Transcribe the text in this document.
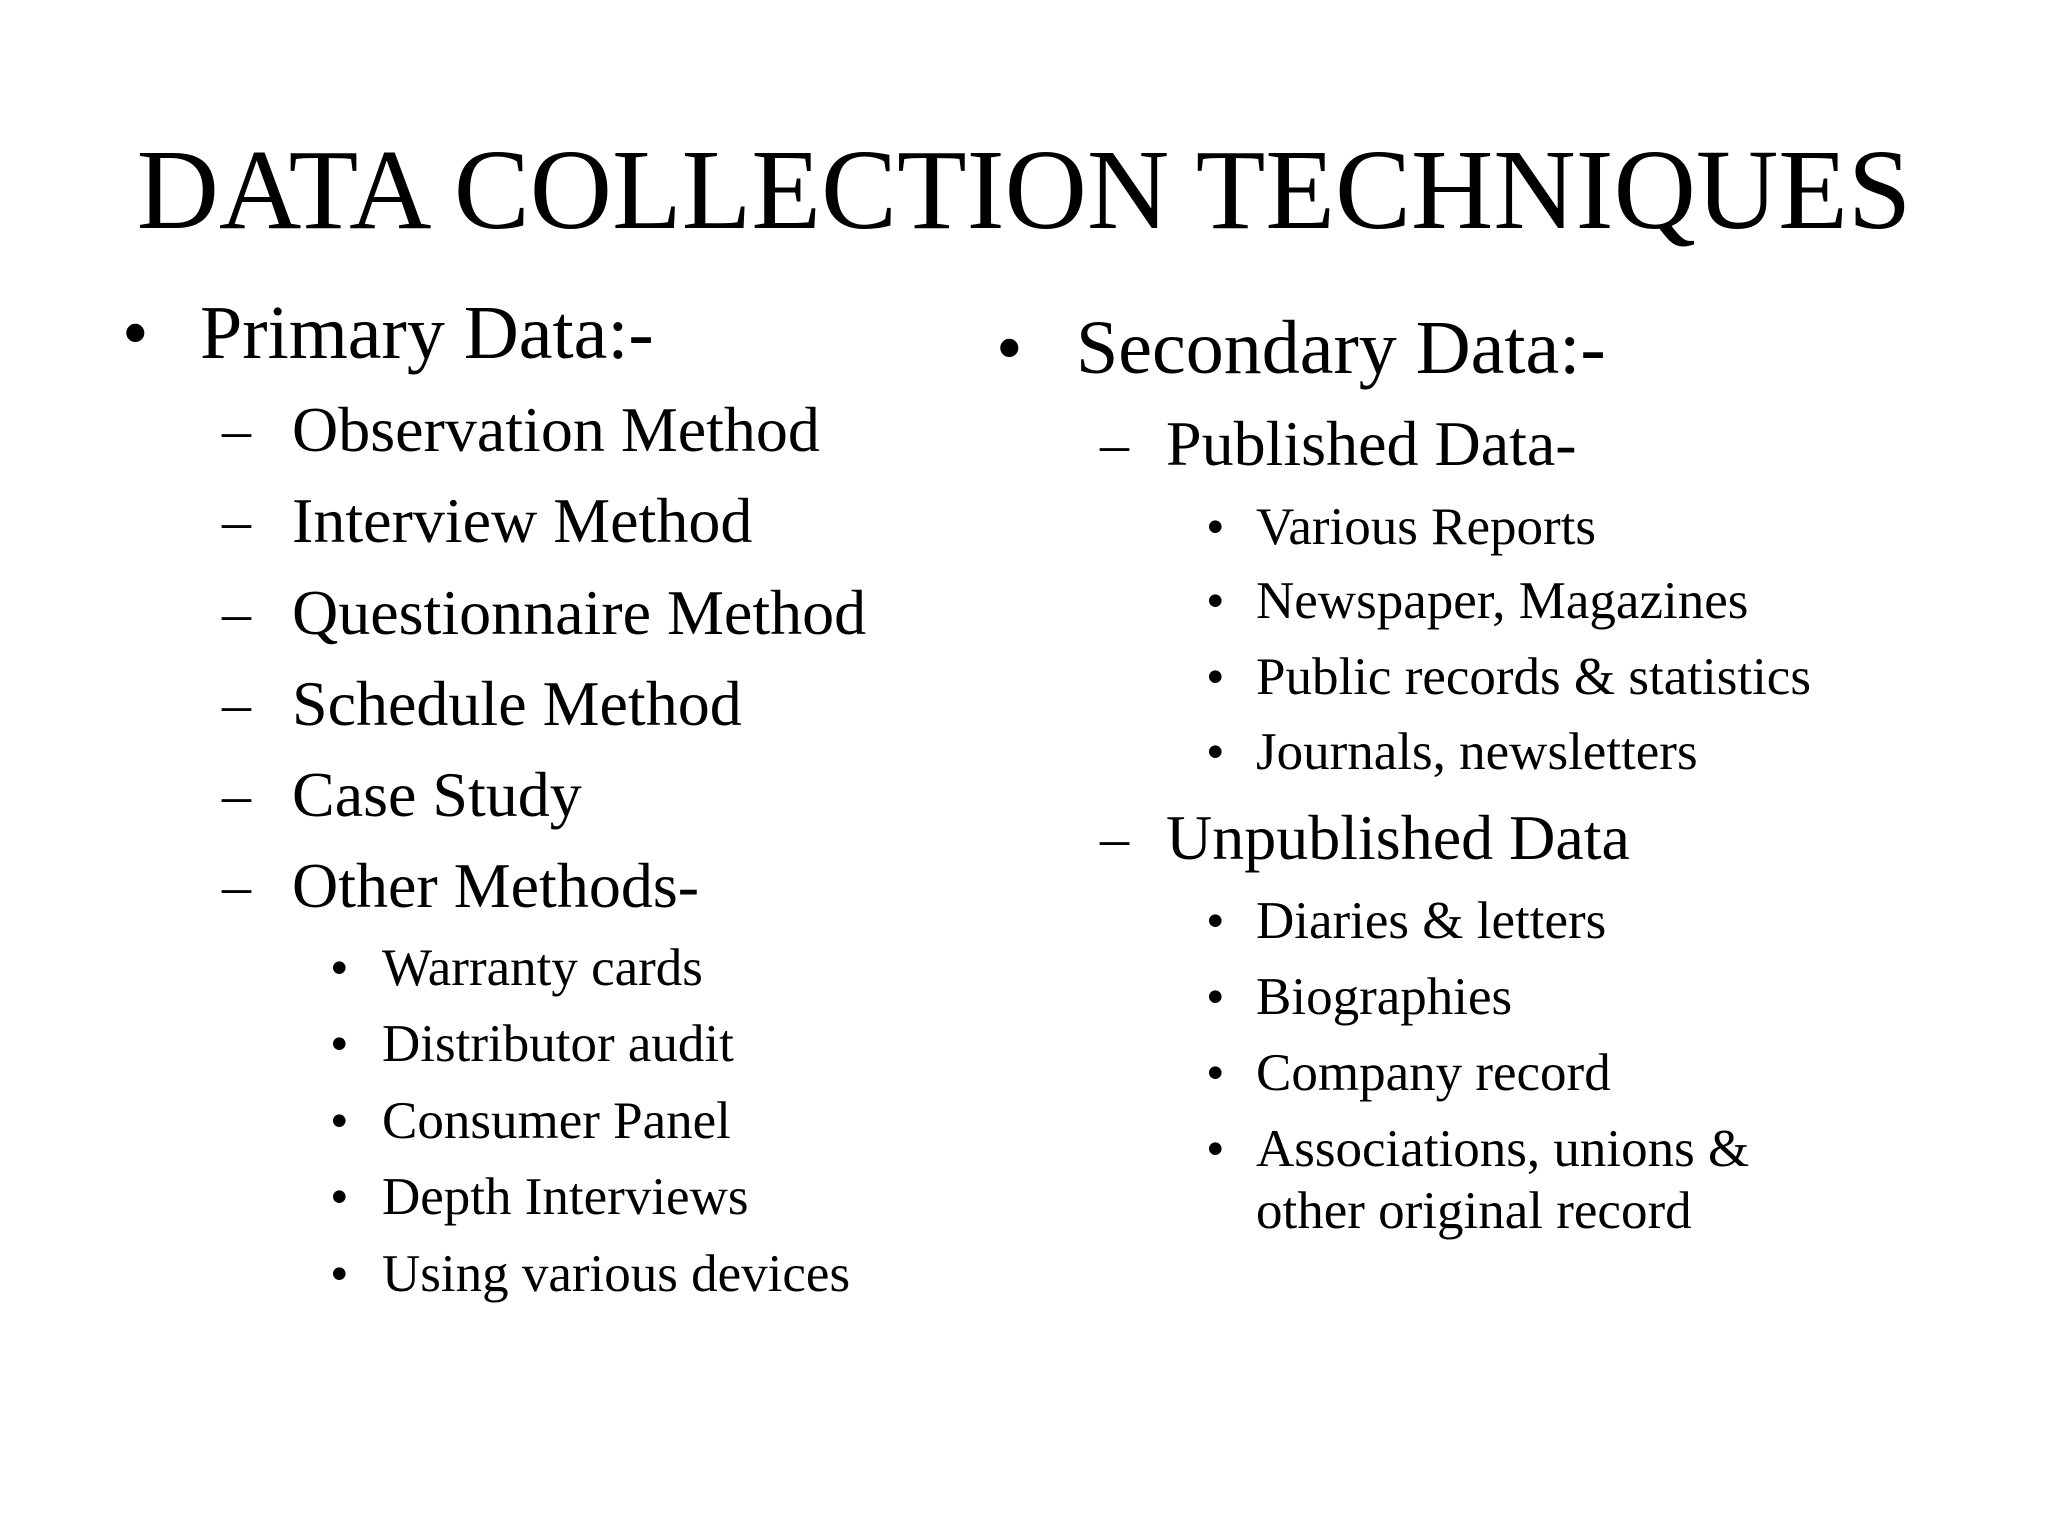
DATA COLLECTION TECHNIQUES
• Primary Data:-
– Observation Method
– Interview Method
– Questionnaire Method
– Schedule Method
– Case Study
– Other Methods-
• Warranty cards
• Distributor audit
• Consumer Panel
• Depth Interviews
• Using various devices
• Secondary Data:-
– Published Data-
• Various Reports
• Newspaper, Magazines
• Public records & statistics
• Journals, newsletters
– Unpublished Data
• Diaries & letters
• Biographies
• Company record
• Associations, unions &
other original record
